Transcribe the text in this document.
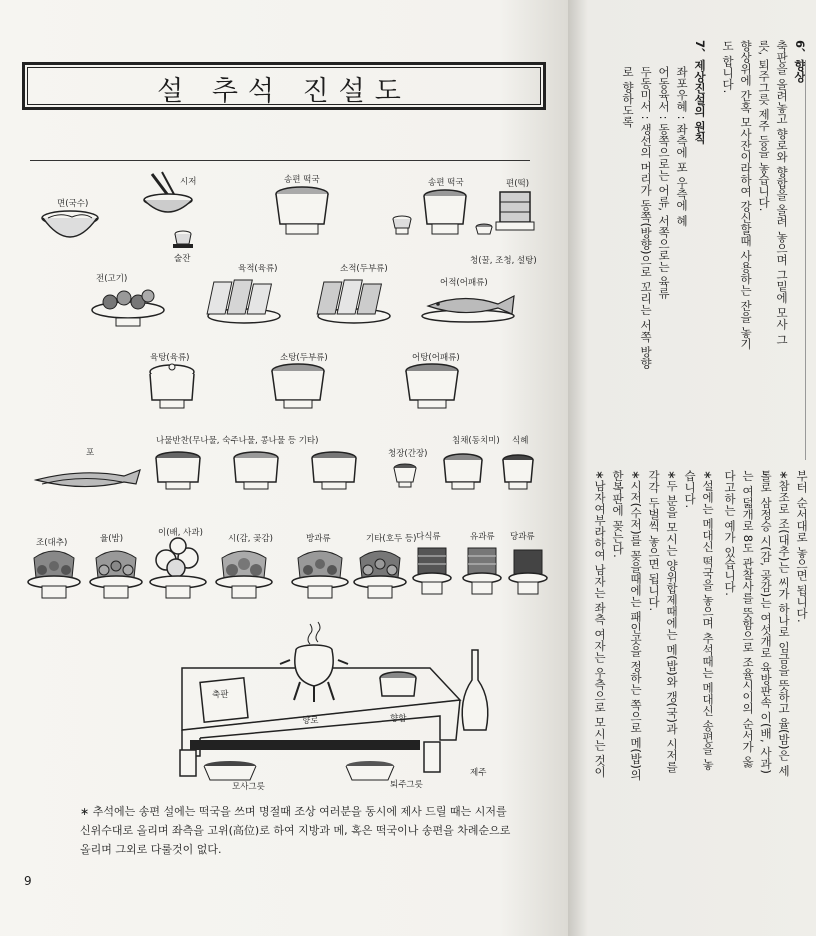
설 추석 진설도
면(국수)
시저
술잔
송편 떡국	송편 떡국	편(떡)
청(꿀, 조청, 설탕)
전(고기)
육적(육류)	소적(두부류)
어적(어패류)
육탕(육류)	소탕(두부류)	어탕(어패류)
포
나물반찬(무나물, 숙주나물, 콩나물 등 기타)
청장(간장)
침채(동치미) 식혜
조(대추)	율(밤)
이(배, 사과)
시(감, 곶감)	방과류	기타(호두 등) 다식류	유과류 당과류
축판
향로	향합
제주
모사그릇	퇴주그릇
∗ 추석에는 송편 설에는 떡국을 쓰며 명절때 조상 여러분을 동시에 제사 드릴 때는 시저를 신위수대로 올리며 좌측을 고위(高位)로 하여 지방과 메, 혹은 떡국이나 송편을 차례순으로 올리며 그외로 다룰것이 없다.
9
6、향상
축판을 올려놓고 향로와 향합을 올려 놓으며 그밑에 모사 그
릇, 퇴주그릇 제주 등을 놓습니다.
향상위에 간혹 모사잔이라하여 강신할때 사용하는 잔을 놓기
도 합니다.
7、제상진설의 원칙
좌포우혜 : 좌측에 포 우측에 혜
어동육서 : 동쪽으로는 어류, 서쪽으로는 육류
두동미서 : 생선의 머리가 동쪽(방향)으로 꼬리는 서쪽 방향
로 향하도록
부터 순서대로 놓으면 됩니다.
∗참조로 조(대추)는 씨가 하나로 임금을 뜻하고 율(밤)은 세
톨로 삼정승 시(감, 곶감)는 여섯개로 육방판속 이(배, 사과)
는 여덟개로 8도 관찰사를 뜻함으로 조율시이의 순서가 옳
다고하는 예가 있습니다.
∗설에는 메대신 떡국을 놓으며 추석때는 메대신 송편을 놓
습니다.
∗두 분을 모시는 양위합제때에는 메(밥)와 갱(국)과 시저를
각각 두벌씩 놓으면 됩니다.
∗시저(수저)를 꽂을때에는 패인곳을 정하는 쪽으로 메(밥)의
한복판에 꽂는다.
∗남자여부라하여 남자는 좌측 여자는 우측으로 모시는 것이
